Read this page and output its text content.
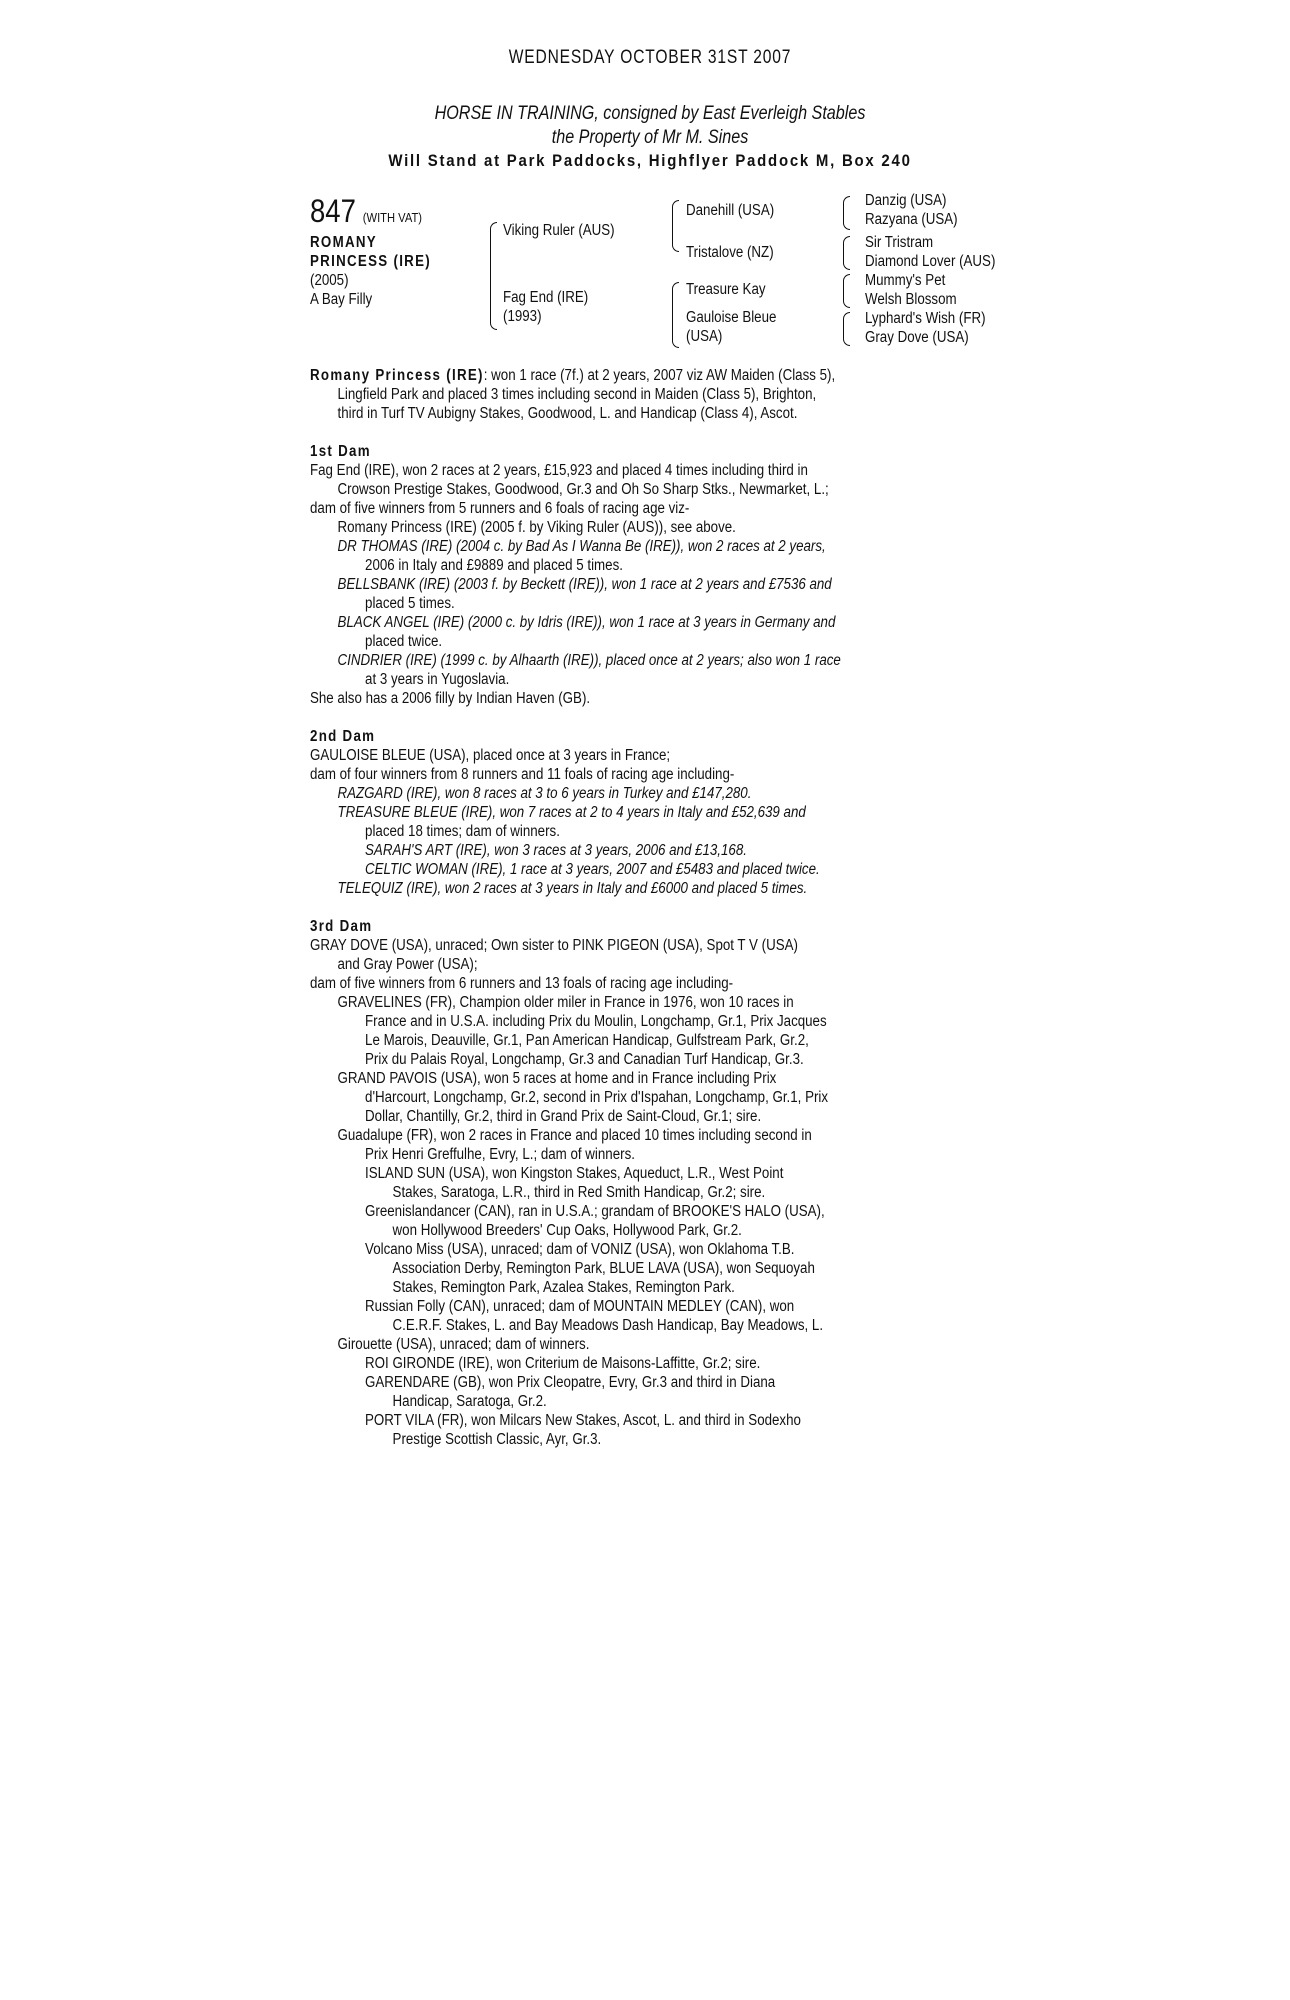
WEDNESDAY OCTOBER 31ST 2007
HORSE IN TRAINING, consigned by East Everleigh Stables
the Property of Mr M. Sines
Will Stand at Park Paddocks, Highflyer Paddock M, Box 240
847 (WITH VAT)
ROMANY
PRINCESS (IRE)
(2005)
A Bay Filly
Viking Ruler (AUS)
Fag End (IRE)
(1993)
Danehill (USA)
Tristalove (NZ)
Treasure Kay
Gauloise Bleue
(USA)
Danzig (USA)
Razyana (USA)
Sir Tristram
Diamond Lover (AUS)
Mummy's Pet
Welsh Blossom
Lyphard's Wish (FR)
Gray Dove (USA)
Romany Princess (IRE): won 1 race (7f.) at 2 years, 2007 viz AW Maiden (Class 5),
Lingfield Park and placed 3 times including second in Maiden (Class 5), Brighton,
third in Turf TV Aubigny Stakes, Goodwood, L. and Handicap (Class 4), Ascot.
1st Dam
Fag End (IRE), won 2 races at 2 years, £15,923 and placed 4 times including third in
Crowson Prestige Stakes, Goodwood, Gr.3 and Oh So Sharp Stks., Newmarket, L.;
dam of five winners from 5 runners and 6 foals of racing age viz-
Romany Princess (IRE) (2005 f. by Viking Ruler (AUS)), see above.
DR THOMAS (IRE) (2004 c. by Bad As I Wanna Be (IRE)), won 2 races at 2 years,
2006 in Italy and £9889 and placed 5 times.
BELLSBANK (IRE) (2003 f. by Beckett (IRE)), won 1 race at 2 years and £7536 and
placed 5 times.
BLACK ANGEL (IRE) (2000 c. by Idris (IRE)), won 1 race at 3 years in Germany and
placed twice.
CINDRIER (IRE) (1999 c. by Alhaarth (IRE)), placed once at 2 years; also won 1 race
at 3 years in Yugoslavia.
She also has a 2006 filly by Indian Haven (GB).
2nd Dam
GAULOISE BLEUE (USA), placed once at 3 years in France;
dam of four winners from 8 runners and 11 foals of racing age including-
RAZGARD (IRE), won 8 races at 3 to 6 years in Turkey and £147,280.
TREASURE BLEUE (IRE), won 7 races at 2 to 4 years in Italy and £52,639 and
placed 18 times; dam of winners.
SARAH'S ART (IRE), won 3 races at 3 years, 2006 and £13,168.
CELTIC WOMAN (IRE), 1 race at 3 years, 2007 and £5483 and placed twice.
TELEQUIZ (IRE), won 2 races at 3 years in Italy and £6000 and placed 5 times.
3rd Dam
GRAY DOVE (USA), unraced; Own sister to PINK PIGEON (USA), Spot T V (USA)
and Gray Power (USA);
dam of five winners from 6 runners and 13 foals of racing age including-
GRAVELINES (FR), Champion older miler in France in 1976, won 10 races in
France and in U.S.A. including Prix du Moulin, Longchamp, Gr.1, Prix Jacques
Le Marois, Deauville, Gr.1, Pan American Handicap, Gulfstream Park, Gr.2,
Prix du Palais Royal, Longchamp, Gr.3 and Canadian Turf Handicap, Gr.3.
GRAND PAVOIS (USA), won 5 races at home and in France including Prix
d'Harcourt, Longchamp, Gr.2, second in Prix d'Ispahan, Longchamp, Gr.1, Prix
Dollar, Chantilly, Gr.2, third in Grand Prix de Saint-Cloud, Gr.1; sire.
Guadalupe (FR), won 2 races in France and placed 10 times including second in
Prix Henri Greffulhe, Evry, L.; dam of winners.
ISLAND SUN (USA), won Kingston Stakes, Aqueduct, L.R., West Point
Stakes, Saratoga, L.R., third in Red Smith Handicap, Gr.2; sire.
Greenislandancer (CAN), ran in U.S.A.; grandam of BROOKE'S HALO (USA),
won Hollywood Breeders' Cup Oaks, Hollywood Park, Gr.2.
Volcano Miss (USA), unraced; dam of VONIZ (USA), won Oklahoma T.B.
Association Derby, Remington Park, BLUE LAVA (USA), won Sequoyah
Stakes, Remington Park, Azalea Stakes, Remington Park.
Russian Folly (CAN), unraced; dam of MOUNTAIN MEDLEY (CAN), won
C.E.R.F. Stakes, L. and Bay Meadows Dash Handicap, Bay Meadows, L.
Girouette (USA), unraced; dam of winners.
ROI GIRONDE (IRE), won Criterium de Maisons-Laffitte, Gr.2; sire.
GARENDARE (GB), won Prix Cleopatre, Evry, Gr.3 and third in Diana
Handicap, Saratoga, Gr.2.
PORT VILA (FR), won Milcars New Stakes, Ascot, L. and third in Sodexho
Prestige Scottish Classic, Ayr, Gr.3.
